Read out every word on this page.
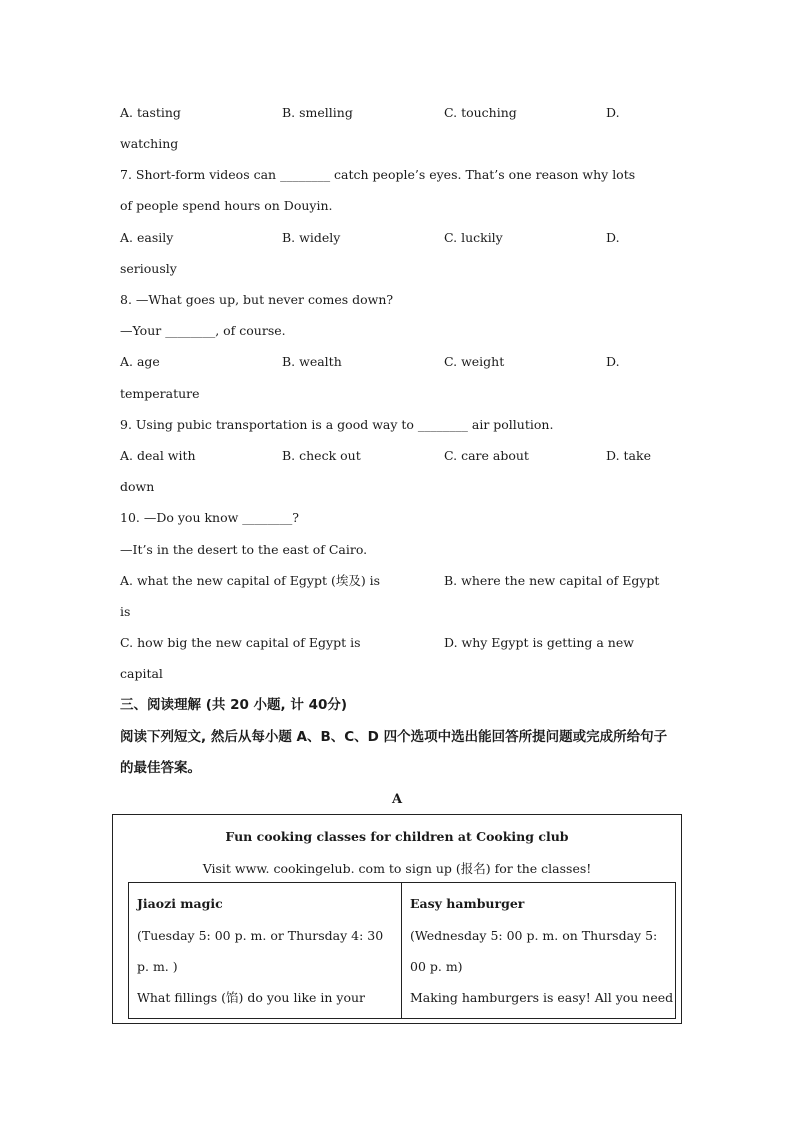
A. tasting	B. smelling	C. touching	D.
watching
7. Short-form videos can ________ catch people’s eyes. That’s one reason why lots
of people spend hours on Douyin.
A. easily	B. widely	C. luckily	D.
seriously
8. —What goes up, but never comes down?
—Your ________, of course.
A. age	B. wealth	C. weight	D.
temperature
9. Using pubic transportation is a good way to ________ air pollution.
A. deal with	B. check out	C. care about	D. take
down
10. —Do you know ________?
—It’s in the desert to the east of Cairo.
A. what the new capital of Egypt (埃及) is	B. where the new capital of Egypt
is
C. how big the new capital of Egypt is	D. why Egypt is getting a new
capital
三、阅读理解 (共 20 小题, 计 40分)
阅读下列短文, 然后从每小题 A、B、C、D 四个选项中选出能回答所提问题或完成所给句子
的最佳答案。
A
Fun cooking classes for children at Cooking club
Visit www. cookingelub. com to sign up (报名) for the classes!
Jiaozi magic
(Tuesday 5: 00 p. m. or Thursday 4: 30
p. m. )
What fillings (馅) do you like in your
Easy hamburger
(Wednesday 5: 00 p. m. on Thursday 5:
00 p. m)
Making hamburgers is easy! All you need
